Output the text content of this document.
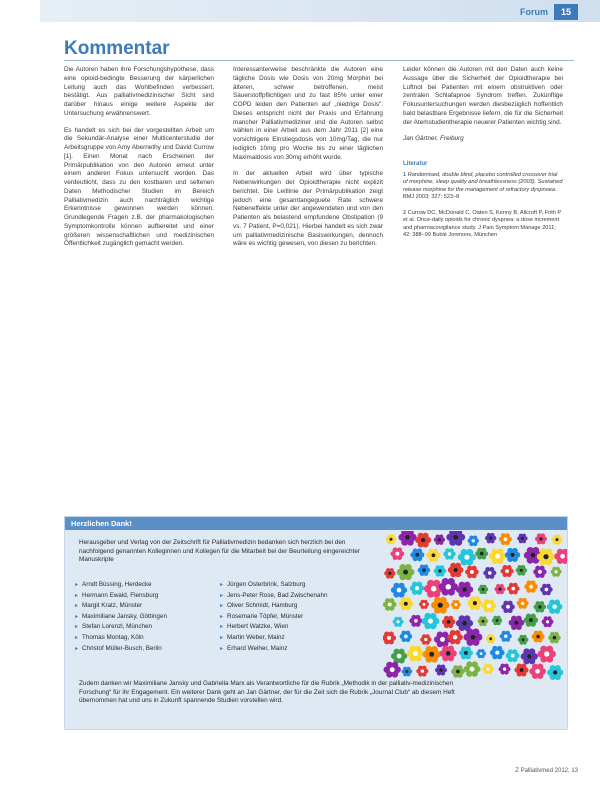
Forum	15
Kommentar

Die Autoren haben ihre Forschungshypothese, dass eine opioid-bedingte Besserung der kärperlichen Leitung auch das Wohlbefinden verbessert, bestätigt. Aus palliativmedizinischer Sicht sind darüber hinaus einige weitere Aspekte der Untersuchung erwähnenswert.

Es handelt es sich bei der vorgestellten Arbeit um die Sekundär-Analyse einer Multicenterstudie der Arbeitsgruppe von Amy Abernethy und David Currow [1]. Einen Monat nach Erscheinen der Primärpublikation von den Autoren erneut unter einem anderen Fokus untersucht worden. Das verdeutlicht, dass zu den kostbaren und seltenen Daten Methodischer Studien im Bereich Palliativmedizin auch nachträglich wichtige Erkenntnisse gewonnen werden können. Grundlegende Fragen z.B. der pharmakologischen Symptomkontrolle können aufbereitet und einer größeren wissenschaftlichen und medizinischen Öffentlichkeit zugänglich gemacht werden.

Interessanterweise beschränkte die Autoren eine tägliche Dosis wie Dosis von 20mg Morphin bei älteren, schwer betroffenen, meist Sauerstoffpflichtigen und zu fast 85% unter einer COPD leiden den Patienten auf „niedrige Dosis“. Dieses entspricht nicht der Praxis und Erfahrung mancher Palliativmediziner und die Autoren selbst wählen in einer Arbeit aus dem Jahr 2011 [2] eine vorsichtigere Einstiegsdosis von 10mg/Tag, die nur lediglich 10mg pro Woche bis zu einer täglichen Maximaldosis von 30mg erhöht wurde.

In der aktuellen Arbeit wird über typische Nebenwirkungen der Opioidtherapie nicht explizit berichtet. Die Leitlinie der Primärpublikation zeigt jedoch eine gesamtangeguete Rate schwere Nebeneffekte unter der angewendeten und von den Patienten als belastend empfundene Obstipation (9 vs. 7 Patient, P=0,021). Hierbei handelt es sich zwar um palliativmedizinische Basiswirkungen, dennoch wäre es wichtig gewesen, von diesen zu berichten.

Leider können die Autoren mit den Daten auch keine Aussage über die Sicherheit der Opioidtherapie bei Luftnot bei Patienten mit einem obstruktiven oder zentralen Schlafapnoe Syndrom treffen. Zukünftige Fokusuntersuchungen werden diesbezüglich hoffentlich bald belastbare Ergebnisse liefern, die für die Sicherheit der Atemstudientherapie neuerer Patienten wichtig sind.

Jan Gärtner, Freiburg
Literatur

1 Randomised, double blind, placebo controlled crossover trial of morphine, sleep quality and breathlessness (2003). Sustained release morphine for the management of refractory dyspnoea. BMJ 2003; 327: 523–8

2 Currow DC, McDonald C, Oaten S, Kenny B, Allcroft P, Frith P et al. Once-daily opioids for chronic dyspnea: a dose increment and pharmacovigilance study. J Pain Symptom Manage 2011; 42: 388–99 Bublé Jonmons, München

Herzlichen Dank!
Herausgeber und Verlag von der Zeitschrift für Palliativmedizin bedanken sich herzlich bei den nachfolgend genannten Kolleginnen und Kollegen für die Mitarbeit bei der Beurteilung eingereichter Manuskripte
▸ Arndt Büssing, Herdecke
▸ Hermann Ewald, Flensburg
▸ Margit Kratz, Münster
▸ Maximiliane Jansky, Göttingen
▸ Stefan Lorenzl, München
▸ Thomas Montag, Köln
▸ Christof Müller-Busch, Berlin
▸ Jürgen Osterbrink, Salzburg
▸ Jens-Peter Rose, Bad Zwischenahn
▸ Oliver Schmidt, Hamburg
▸ Rosemarie Töpfer, Münster
▸ Herbert Watzke, Wien
▸ Martin Weber, Mainz
▸ Erhard Weiher, Mainz
Zudem danken wir Maximiliane Jansky und Gabriella Marx als Verantwortliche für die Rubrik „Methodik in der palliativ-medizinischen Forschung“ für ihr Engagement. Ein weiterer Dank geht an Jan Gärtner, der für die Zeit sich die Rubrik „Journal Club“ ab diesem Heft übernommen hat und uns in Zukunft spannende Studien vorstellen wird.
Z Palliativmed 2012; 13
